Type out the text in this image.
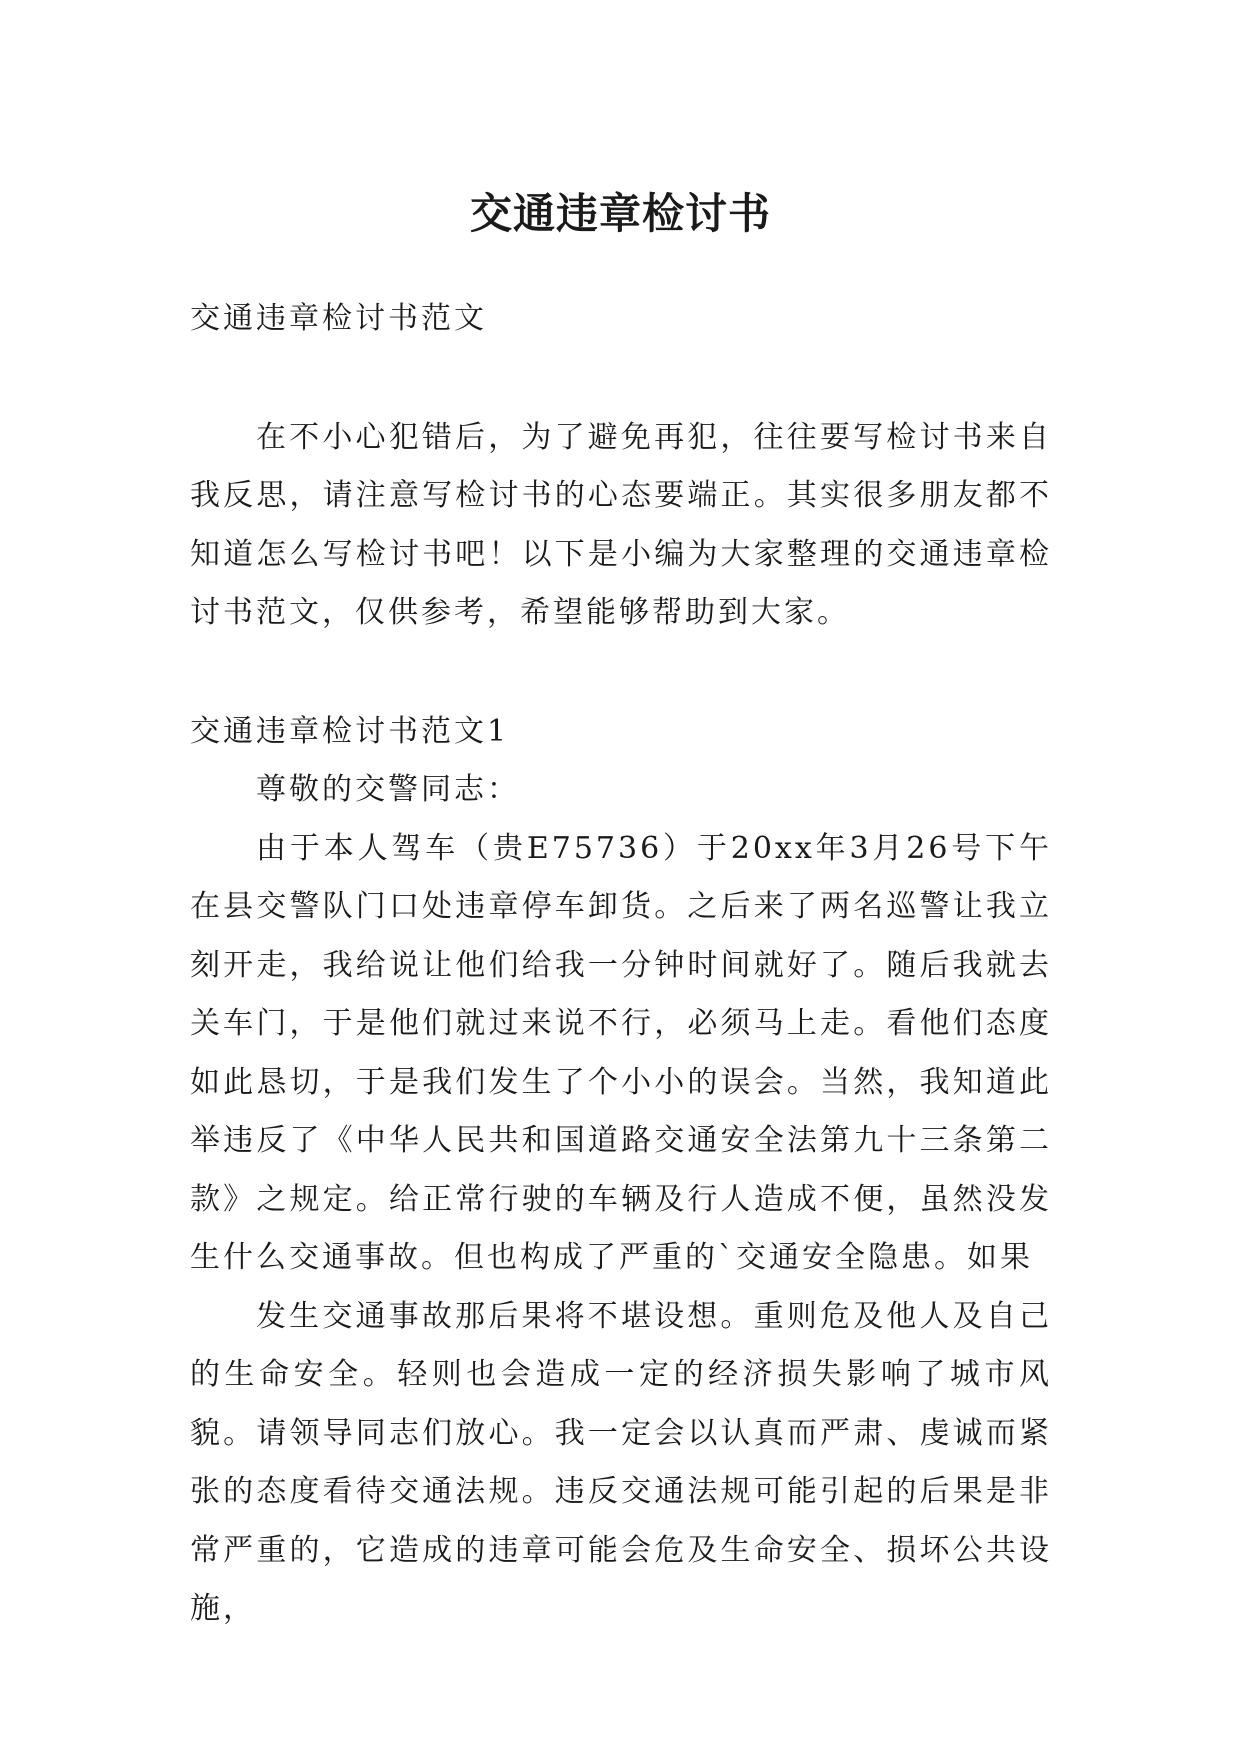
交通违章检讨书

交通违章检讨书范文

在不小心犯错后，为了避免再犯，往往要写检讨书来自我反思，请注意写检讨书的心态要端正。其实很多朋友都不知道怎么写检讨书吧！以下是小编为大家整理的交通违章检讨书范文，仅供参考，希望能够帮助到大家。

交通违章检讨书范文1

尊敬的交警同志：

由于本人驾车（贵E75736）于20xx年3月26号下午在县交警队门口处违章停车卸货。之后来了两名巡警让我立刻开走，我给说让他们给我一分钟时间就好了。随后我就去关车门，于是他们就过来说不行，必须马上走。看他们态度如此恳切，于是我们发生了个小小的误会。当然，我知道此举违反了《中华人民共和国道路交通安全法第九十三条第二款》之规定。给正常行驶的车辆及行人造成不便，虽然没发生什么交通事故。但也构成了严重的`交通安全隐患。如果

发生交通事故那后果将不堪设想。重则危及他人及自己的生命安全。轻则也会造成一定的经济损失影响了城市风貌。请领导同志们放心。我一定会以认真而严肃、虔诚而紧张的态度看待交通法规。违反交通法规可能引起的后果是非常严重的，它造成的违章可能会危及生命安全、损坏公共设施，
